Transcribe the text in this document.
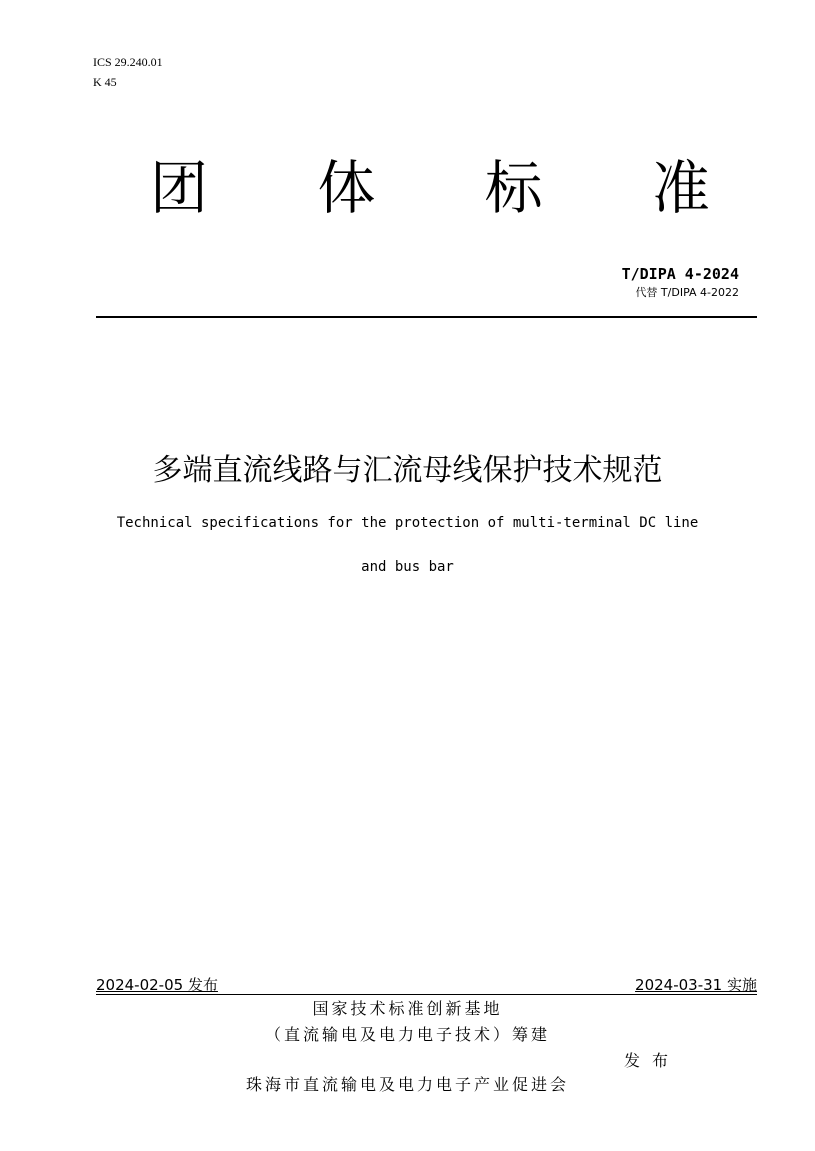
ICS 29.240.01
K 45
团 体 标 准
T/DIPA 4-2024
代替 T/DIPA 4-2022
多端直流线路与汇流母线保护技术规范
Technical specifications for the protection of multi-terminal DC line
and bus bar
2024-02-05 发布	2024-03-31 实施
国家技术标准创新基地
（直流输电及电力电子技术）筹建
发布
珠海市直流输电及电力电子产业促进会
